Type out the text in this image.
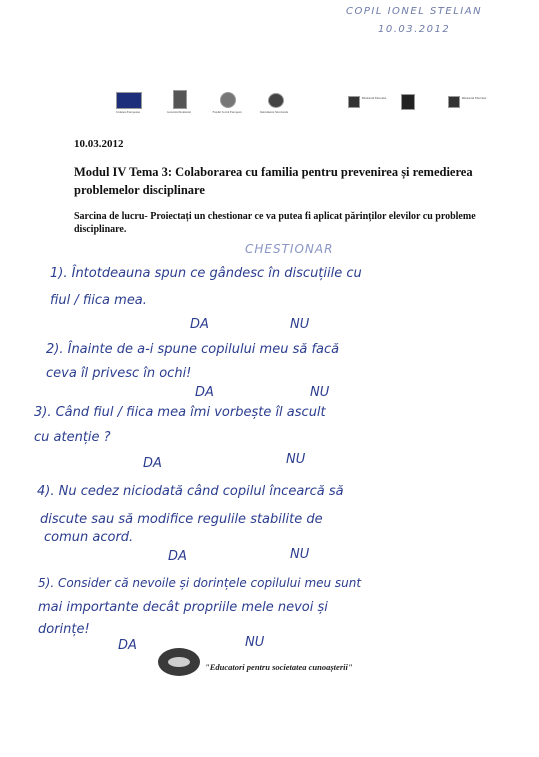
COPIL IONEL STELIAN
10.03.2012
Uniunea Europeana	Guvernul Romaniei	Fondul Social European	Instrumente Structurale
Ministerul Educatiei	Ministerul Educatiei
10.03.2012
Modul IV Tema 3: Colaborarea cu familia pentru prevenirea și remedierea problemelor disciplinare
Sarcina de lucru- Proiectați un chestionar ce va putea fi aplicat părinților elevilor cu probleme disciplinare.
CHESTIONAR
1). Întotdeauna spun ce gândesc în discuțiile cu
fiul / fiica mea.
DA	NU
2). Înainte de a-i spune copilului meu să facă
ceva îl privesc în ochi!
DA	NU
3). Când fiul / fiica mea îmi vorbește îl ascult
cu atenție ?
DA	NU
4). Nu cedez niciodată când copilul încearcă să
discute sau să modifice regulile stabilite de
comun acord.
DA	NU
5). Consider că nevoile și dorințele copilului meu sunt
mai importante decât propriile mele nevoi și
dorințe!
DA	NU
"Educatori pentru societatea cunoașterii"
